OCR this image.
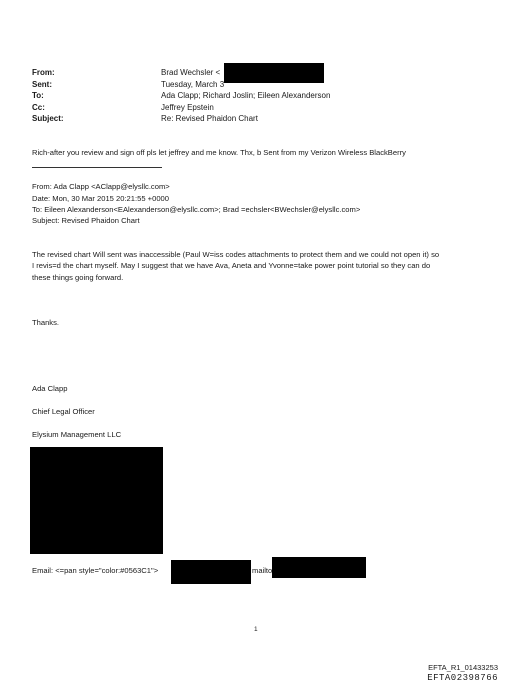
From:	Brad Wechsler <
Sent:	Tuesday, March 3
To:	Ada Clapp; Richard Joslin; Eileen Alexanderson
Cc:	Jeffrey Epstein
Subject:	Re: Revised Phaidon Chart
Rich-after you review and sign off pls let jeffrey and me know. Thx, b Sent from my Verizon Wireless BlackBerry
From: Ada Clapp <AClapp@elysllc.com>
Date: Mon, 30 Mar 2015 20:21:55 +0000
To: Eileen Alexanderson<EAlexanderson@elysllc.com>; Brad =echsler<BWechsler@elysllc.com>
Subject: Revised Phaidon Chart
The revised chart Will sent was inaccessible (Paul W=iss codes attachments to protect them and we could not open it) so
I revis=d the chart myself. May I suggest that we have Ava, Aneta and Yvonne=take power point tutorial so they can do
these things going forward.
Thanks.
Ada Clapp
Chief Legal Officer
Elysium Management LLC
Email: <=pan style="color:#0563C1">	mailto
1
EFTA_R1_01433253
EFTA02398766
